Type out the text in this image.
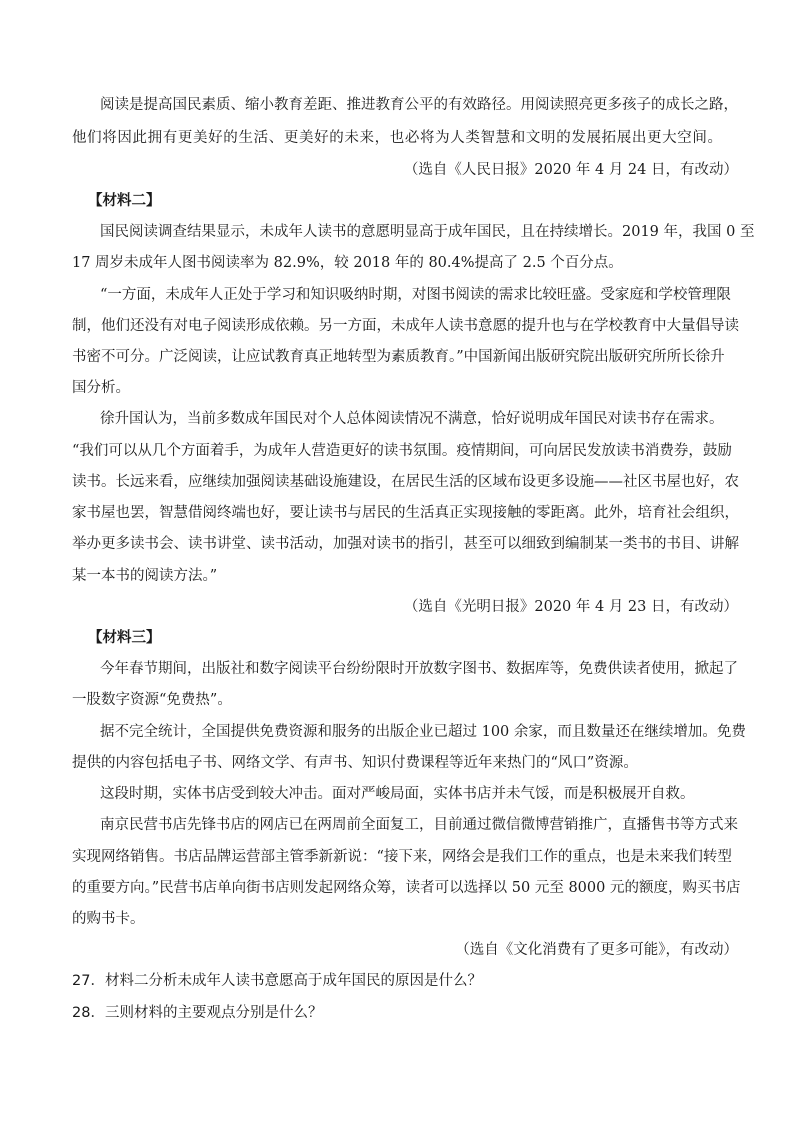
阅读是提高国民素质、缩小教育差距、推进教育公平的有效路径。用阅读照亮更多孩子的成长之路，
他们将因此拥有更美好的生活、更美好的未来，也必将为人类智慧和文明的发展拓展出更大空间。
（选自《人民日报》2020 年 4 月 24 日，有改动）
【材料二】
国民阅读调查结果显示，未成年人读书的意愿明显高于成年国民，且在持续增长。2019 年，我国 0 至
17 周岁未成年人图书阅读率为 82.9%，较 2018 年的 80.4%提高了 2.5 个百分点。
“一方面，未成年人正处于学习和知识吸纳时期，对图书阅读的需求比较旺盛。受家庭和学校管理限
制，他们还没有对电子阅读形成依赖。另一方面，未成年人读书意愿的提升也与在学校教育中大量倡导读
书密不可分。广泛阅读，让应试教育真正地转型为素质教育。”中国新闻出版研究院出版研究所所长徐升
国分析。
徐升国认为，当前多数成年国民对个人总体阅读情况不满意，恰好说明成年国民对读书存在需求。
“我们可以从几个方面着手，为成年人营造更好的读书氛围。疫情期间，可向居民发放读书消费券，鼓励
读书。长远来看，应继续加强阅读基础设施建设，在居民生活的区域布设更多设施——社区书屋也好，农
家书屋也罢，智慧借阅终端也好，要让读书与居民的生活真正实现接触的零距离。此外，培育社会组织，
举办更多读书会、读书讲堂、读书活动，加强对读书的指引，甚至可以细致到编制某一类书的书目、讲解
某一本书的阅读方法。”
（选自《光明日报》2020 年 4 月 23 日，有改动）
【材料三】
今年春节期间，出版社和数字阅读平台纷纷限时开放数字图书、数据库等，免费供读者使用，掀起了
一股数字资源“免费热”。
据不完全统计，全国提供免费资源和服务的出版企业已超过 100 余家，而且数量还在继续增加。免费
提供的内容包括电子书、网络文学、有声书、知识付费课程等近年来热门的“风口”资源。
这段时期，实体书店受到较大冲击。面对严峻局面，实体书店并未气馁，而是积极展开自救。
南京民营书店先锋书店的网店已在两周前全面复工，目前通过微信微博营销推广，直播售书等方式来
实现网络销售。书店品牌运营部主管季新新说：“接下来，网络会是我们工作的重点，也是未来我们转型
的重要方向。”民营书店单向街书店则发起网络众筹，读者可以选择以 50 元至 8000 元的额度，购买书店
的购书卡。
（选自《文化消费有了更多可能》，有改动）
27．材料二分析未成年人读书意愿高于成年国民的原因是什么？
28．三则材料的主要观点分别是什么？
